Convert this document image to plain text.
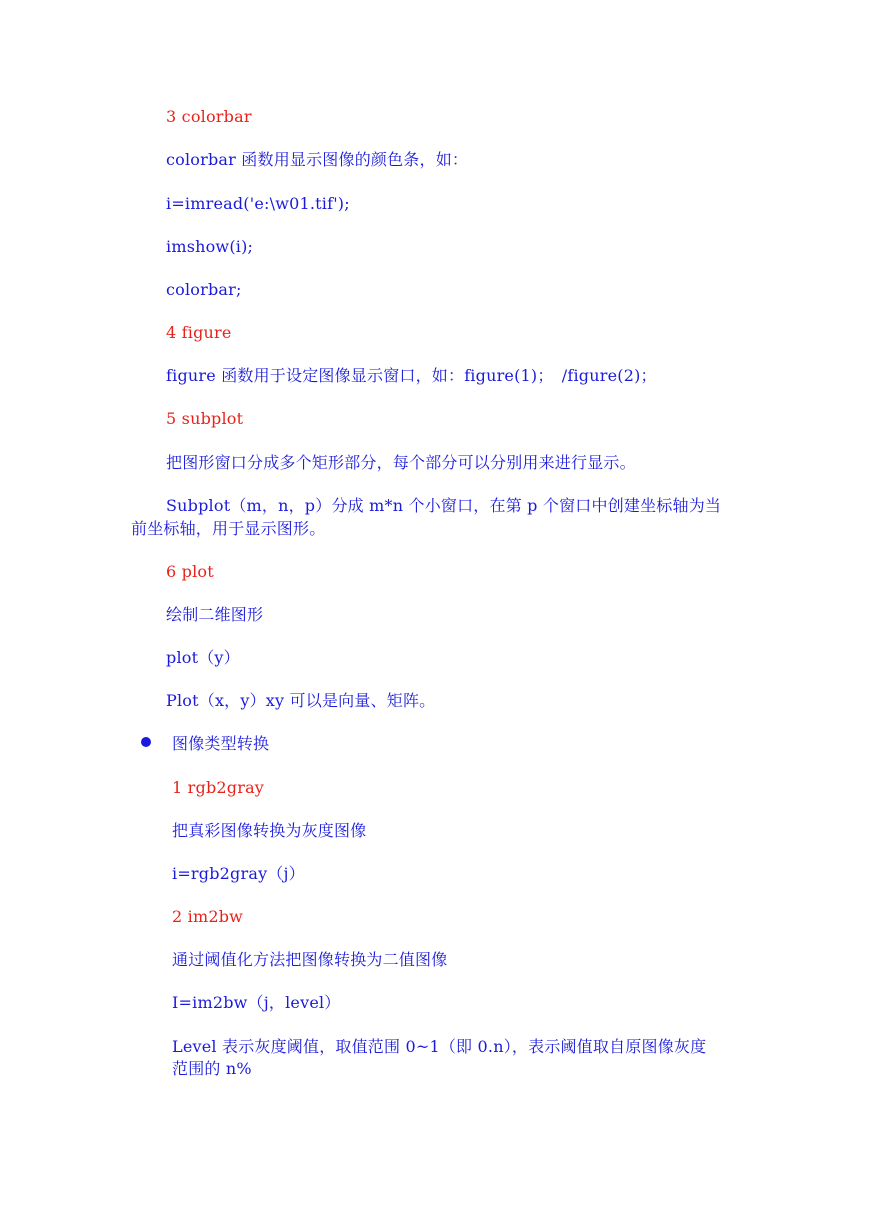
3 colorbar
colorbar 函数用显示图像的颜色条，如：
i=imread('e:\w01.tif');
imshow(i);
colorbar;
4 figure
figure 函数用于设定图像显示窗口，如：figure(1)；　/figure(2)；
5 subplot
把图形窗口分成多个矩形部分，每个部分可以分别用来进行显示。
Subplot（m，n，p）分成 m*n 个小窗口，在第 p 个窗口中创建坐标轴为当
前坐标轴，用于显示图形。
6 plot
绘制二维图形
plot（y）
Plot（x，y）xy 可以是向量、矩阵。
图像类型转换
1 rgb2gray
把真彩图像转换为灰度图像
i=rgb2gray（j）
2 im2bw
通过阈值化方法把图像转换为二值图像
I=im2bw（j，level）
Level 表示灰度阈值，取值范围 0~1（即 0.n），表示阈值取自原图像灰度
范围的 n%
